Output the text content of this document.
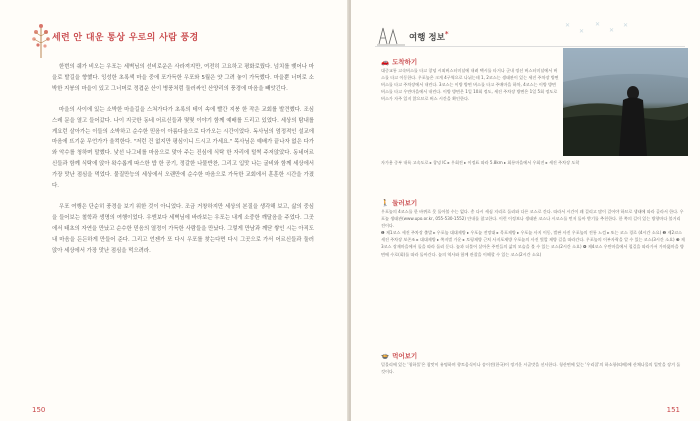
세련 안 대운 통상 우로의 사람 풍경

한번의 쉐가 비오는 우포는 세벽님의 선비로운은 사라져지만, 여전히 고요하고 평화로웠다. 넘치를 뗏어나 마을로 발길을 향했다. 잉성한 초록색 마을 중에 포가득한 우포와 5월은 얏 그려 놓이 가득했다. 마을뿐 너머로 소박한 지붕의 마을이 있고 그너머로 정겹운 산이 병풍처럼 둘러싸인 산양리의 풍경에 마음을 빼앗긴다.

마을의 사이에 있는 소박한 마을길을 스쳐가다가 초록의 테이 속에 빨간 지붕 한 작은 교회를 발견했다. 조심스레 문을 열고 들어갔다. 나이 지긋한 동네 어르신들과 몇몇 이야기 함께 예배를 드리고 있었다. 세상의 탐내를 게요런 살아가는 이들의 소박하고 순수한 믿음이 아름다울으로 다가오는 시간이었다. 독사님의 엄정적인 설교에 마음에 뜨기운 무언가가 울컥한다. "저런 건 없지만 평심이니 드시고 가세요." 목사님은 예배가 끝나자 없은 다가와 악수를 청하며 말했다. 낯선 나그네를 마음으로 맞아 주는 진심에 식탁 한 자리에 털썩 주저앉았다. 동네어르신들과 함께 식탁에 앉아 왁수롭게 따스한 밥 한 공기, 정갈한 나물반찬, 그리고 입맛 나는 굴비와 함께 세상에서 가장 맛난 점심을 먹었다. 물질만능의 세상에서 오랜만에 순수한 마음으로 가득한 교회에서 훈훈한 시간을 가졌다.

우포 여행은 단순히 풍경을 보기 위한 것이 아니었다. 조금 거창하지만 세상의 본질을 생각해 보고, 삶의 중심을 들어보는 철학과 생명의 여행이었다. 우엔보다 세벽님에 바라보는 우포는 내게 소중한 깨달음을 주었다. 그곳에서 태초의 자연을 만났고 순수한 믿음의 열정이 가득한 사람들을 만났다. 그렇게 만남과 깨닫 쌓인 시는 아직도 내 마음을 든든하게 만들어 준다. 그리고 언젠가 또 다시 우포를 찾는다면 다시 그곳으로 가서 어르신들과 둘러 앉아 세상에서 가장 맛난 점심을 먹으려라.

150
여행 정보*
✕
✕
✕
✕
✕
🚗 도착하기

대중교통 고속버스를 타고 창녕 시외버스터미널에 내려 택시를 타거나 군내 정선 버스터미널에서 버스를 타고 이동한다. 우포늪은 크게 4구역으로 나뉘는데 1, 2코스는 생태관이 있는 세진 주차장 방면 버스를 타고 주차장에서 내린다. 3코스는 이방 방면 버스를 타고 주매마을 하차, 4코스는 이방 방면 버스를 타고 우만마을에서 내린다. 이방 방면은 1일 10회 정도, 세진 주차장 방면은 1일 5회 정도로 버스가 자주 있지 않으므로 버스 시간을 확인한다.

자가용 중부 내륙 고속도로 ▸ 창녕 IC ▸ 우회전 ▸ 이정표 따라 5.8km ▸ 회룡마을에서 우회전 ▸ 세진 주차장 도착

🚶 둘러보기

우포늪의 4코스를 한 바퀴로 못 돌아볼 수는 없다. 총 다시 세심 지리로 둘러와 다른 코스로 간다. 따라서 시간이 꽤 걸리고 많이 걸어야 하므로 생태에 따라 골라서 한다. 우포늪 생태관(www.upo.or.kr, 055-530-1552) 안내를 참고한다. 이런 이정보나 생태관 코스나 시코스를 먼저 돌아 받기를 추천한다. 한 쪽의 길이 있는 방향마다 볼거리 전이다.

❶ 제1코스 세진 주차장 출발 ▸ 우포늪 대대제방 ▸ 우포늪 전망대 ▸ 목포제방 ▸ 우포늪 사지 이동, 벌판 사진 우포늪의 전통 느낌 ▸ 또는 코스 경로 (4시간 소요) ❷ 제2코스 세진 주차장 보존조 ▸ 대대제방 ▸ 쪽지벌 가운 ▸ 토평제방 근처 사지포제방 우포늪의 사진 빛깔 제방 길을 따라간다. 우포늪의 이부자락을 알 수 있는 코스(3시간 소요) ❸ 제3코스 장재마을에서 돌을 따라 돌러 둔다. 늪과 더불어 살아온 주민들의 삶의 모습을 볼 수 있는 코스(2시간 소요) ❹ 제4코스 우만마을에서 철길을 따라가서 가마뚫마을 방면에 수로(회)를 따라 돌아간다. 늪의 역사와 함께 관찰을 이해할 수 있는 코스(2시간 소요)

🍲 먹어보기

밀물리에 있는 '청하풀'은 참맛이 유명하며 향토음식이나 송이전(한국)이 정겨운 시골맛을 선사한다. 청산면에 있는 '우리집'의 하소항(띠배)에 산채나물의 입맛을 장겨 둘 것이다.

151
